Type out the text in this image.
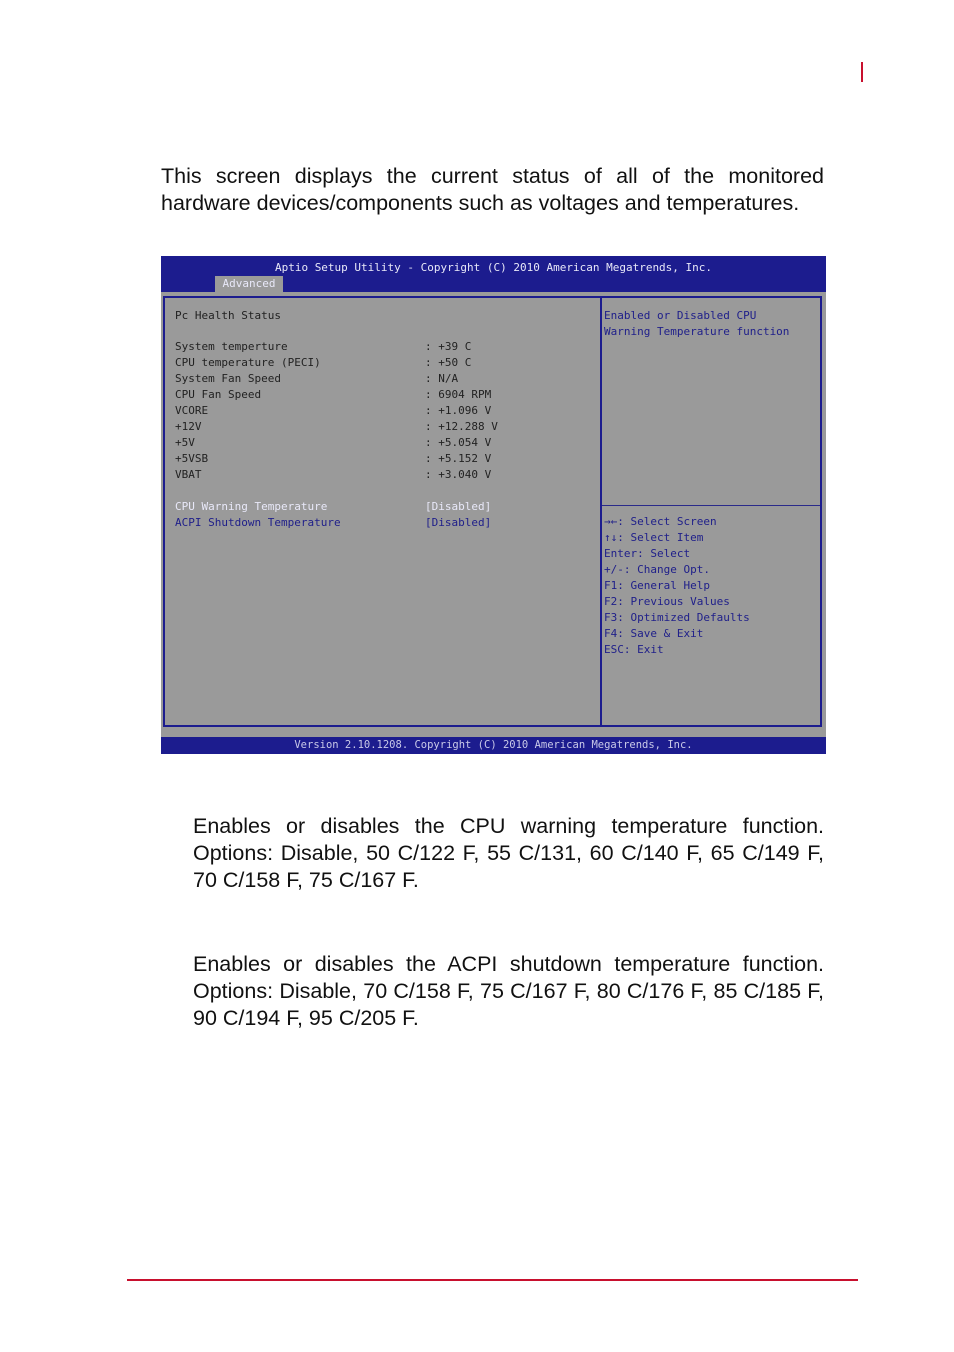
This screen displays the current status of all of the monitored hardware devices/components such as voltages and temperatures.

Aptio Setup Utility - Copyright (C) 2010 American Megatrends, Inc.
Advanced
Pc Health Status
System temperture	: +39 C
CPU temperature (PECI)	: +50 C
System Fan Speed	: N/A
CPU Fan Speed	: 6904 RPM
VCORE	: +1.096 V
+12V	: +12.288 V
+5V	: +5.054 V
+5VSB	: +5.152 V
VBAT	: +3.040 V
CPU Warning Temperature	[Disabled]
ACPI Shutdown Temperature	[Disabled]
Enabled or Disabled CPU
Warning Temperature function
→←: Select Screen
↑↓: Select Item
Enter: Select
+/-: Change Opt.
F1: General Help
F2: Previous Values
F3: Optimized Defaults
F4: Save & Exit
ESC: Exit
Version 2.10.1208. Copyright (C) 2010 American Megatrends, Inc.

Enables or disables the CPU warning temperature function. Options: Disable, 50 C/122 F, 55 C/131, 60 C/140 F, 65 C/149 F, 70 C/158 F, 75 C/167 F.

Enables or disables the ACPI shutdown temperature function. Options: Disable, 70 C/158 F, 75 C/167 F, 80 C/176 F, 85 C/185 F, 90 C/194 F, 95 C/205 F.
